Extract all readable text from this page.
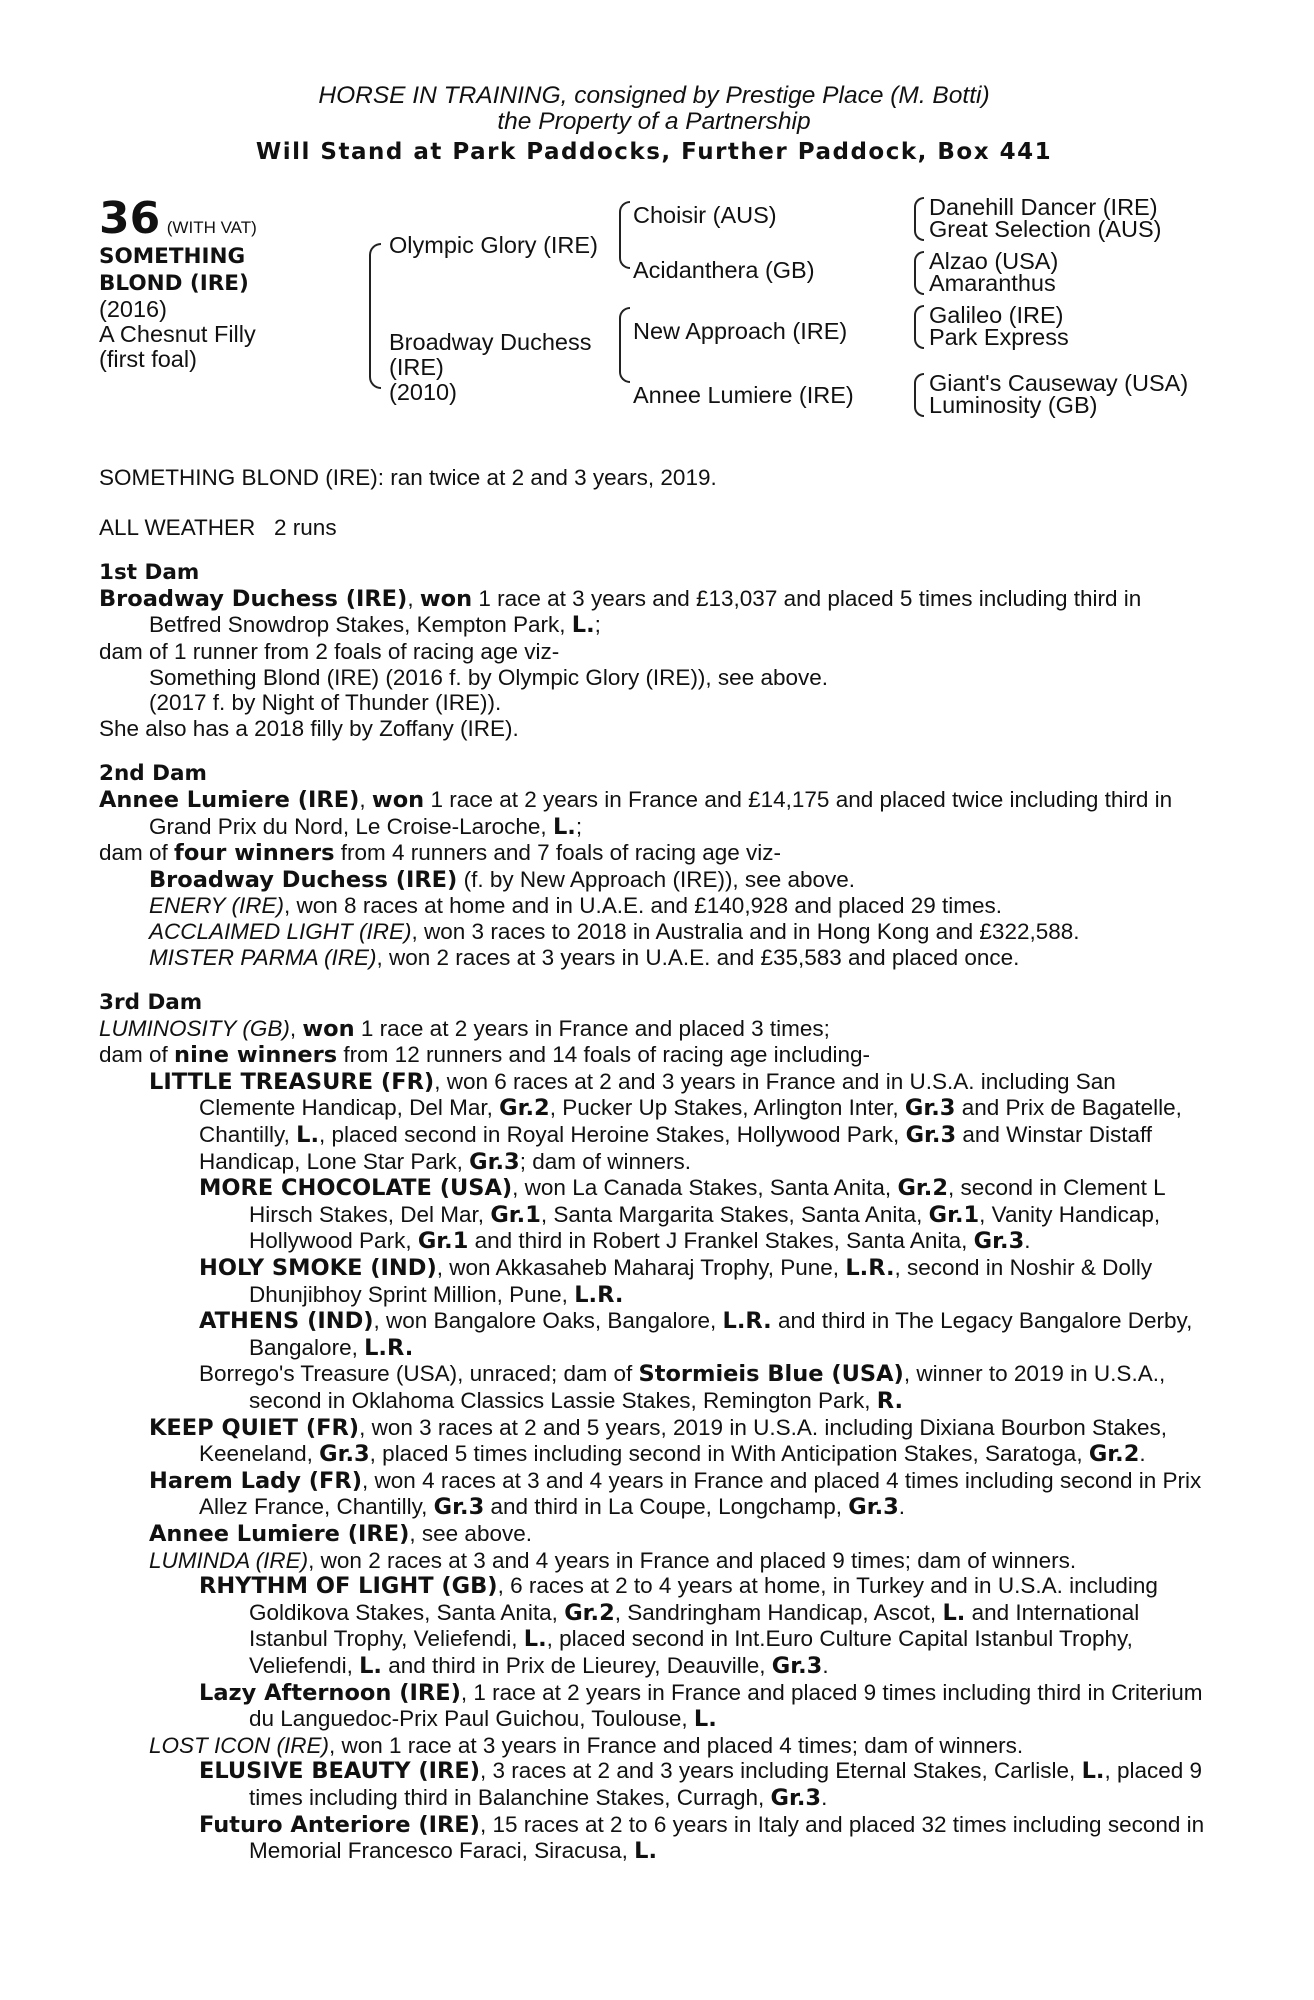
HORSE IN TRAINING, consigned by Prestige Place (M. Botti)
the Property of a Partnership
Will Stand at Park Paddocks, Further Paddock, Box 441
36 (WITH VAT)
SOMETHING
BLOND (IRE)
(2016)
A Chesnut Filly
(first foal)
Olympic Glory (IRE)
Broadway Duchess
(IRE)
(2010)
Choisir (AUS)
Acidanthera (GB)
New Approach (IRE)
Annee Lumiere (IRE)
Danehill Dancer (IRE)
Great Selection (AUS)
Alzao (USA)
Amaranthus
Galileo (IRE)
Park Express
Giant's Causeway (USA)
Luminosity (GB)

SOMETHING BLOND (IRE): ran twice at 2 and 3 years, 2019.

ALL WEATHER   2 runs

1st Dam

Broadway Duchess (IRE), won 1 race at 3 years and £13,037 and placed 5 times including third in Betfred Snowdrop Stakes, Kempton Park, L.;

dam of 1 runner from 2 foals of racing age viz-

Something Blond (IRE) (2016 f. by Olympic Glory (IRE)), see above.

(2017 f. by Night of Thunder (IRE)).

She also has a 2018 filly by Zoffany (IRE).

2nd Dam

Annee Lumiere (IRE), won 1 race at 2 years in France and £14,175 and placed twice including third in Grand Prix du Nord, Le Croise-Laroche, L.;

dam of four winners from 4 runners and 7 foals of racing age viz-

Broadway Duchess (IRE) (f. by New Approach (IRE)), see above.

ENERY (IRE), won 8 races at home and in U.A.E. and £140,928 and placed 29 times.

ACCLAIMED LIGHT (IRE), won 3 races to 2018 in Australia and in Hong Kong and £322,588.

MISTER PARMA (IRE), won 2 races at 3 years in U.A.E. and £35,583 and placed once.

3rd Dam

LUMINOSITY (GB), won 1 race at 2 years in France and placed 3 times;

dam of nine winners from 12 runners and 14 foals of racing age including-

LITTLE TREASURE (FR), won 6 races at 2 and 3 years in France and in U.S.A. including San Clemente Handicap, Del Mar, Gr.2, Pucker Up Stakes, Arlington Inter, Gr.3 and Prix de Bagatelle, Chantilly, L., placed second in Royal Heroine Stakes, Hollywood Park, Gr.3 and Winstar Distaff Handicap, Lone Star Park, Gr.3; dam of winners.

MORE CHOCOLATE (USA), won La Canada Stakes, Santa Anita, Gr.2, second in Clement L Hirsch Stakes, Del Mar, Gr.1, Santa Margarita Stakes, Santa Anita, Gr.1, Vanity Handicap, Hollywood Park, Gr.1 and third in Robert J Frankel Stakes, Santa Anita, Gr.3.

HOLY SMOKE (IND), won Akkasaheb Maharaj Trophy, Pune, L.R., second in Noshir & Dolly Dhunjibhoy Sprint Million, Pune, L.R.

ATHENS (IND), won Bangalore Oaks, Bangalore, L.R. and third in The Legacy Bangalore Derby, Bangalore, L.R.

Borrego's Treasure (USA), unraced; dam of Stormieis Blue (USA), winner to 2019 in U.S.A., second in Oklahoma Classics Lassie Stakes, Remington Park, R.

KEEP QUIET (FR), won 3 races at 2 and 5 years, 2019 in U.S.A. including Dixiana Bourbon Stakes, Keeneland, Gr.3, placed 5 times including second in With Anticipation Stakes, Saratoga, Gr.2.

Harem Lady (FR), won 4 races at 3 and 4 years in France and placed 4 times including second in Prix Allez France, Chantilly, Gr.3 and third in La Coupe, Longchamp, Gr.3.

Annee Lumiere (IRE), see above.

LUMINDA (IRE), won 2 races at 3 and 4 years in France and placed 9 times; dam of winners.

RHYTHM OF LIGHT (GB), 6 races at 2 to 4 years at home, in Turkey and in U.S.A. including Goldikova Stakes, Santa Anita, Gr.2, Sandringham Handicap, Ascot, L. and International Istanbul Trophy, Veliefendi, L., placed second in Int.Euro Culture Capital Istanbul Trophy, Veliefendi, L. and third in Prix de Lieurey, Deauville, Gr.3.

Lazy Afternoon (IRE), 1 race at 2 years in France and placed 9 times including third in Criterium du Languedoc-Prix Paul Guichou, Toulouse, L.

LOST ICON (IRE), won 1 race at 3 years in France and placed 4 times; dam of winners.

ELUSIVE BEAUTY (IRE), 3 races at 2 and 3 years including Eternal Stakes, Carlisle, L., placed 9 times including third in Balanchine Stakes, Curragh, Gr.3.

Futuro Anteriore (IRE), 15 races at 2 to 6 years in Italy and placed 32 times including second in Memorial Francesco Faraci, Siracusa, L.
